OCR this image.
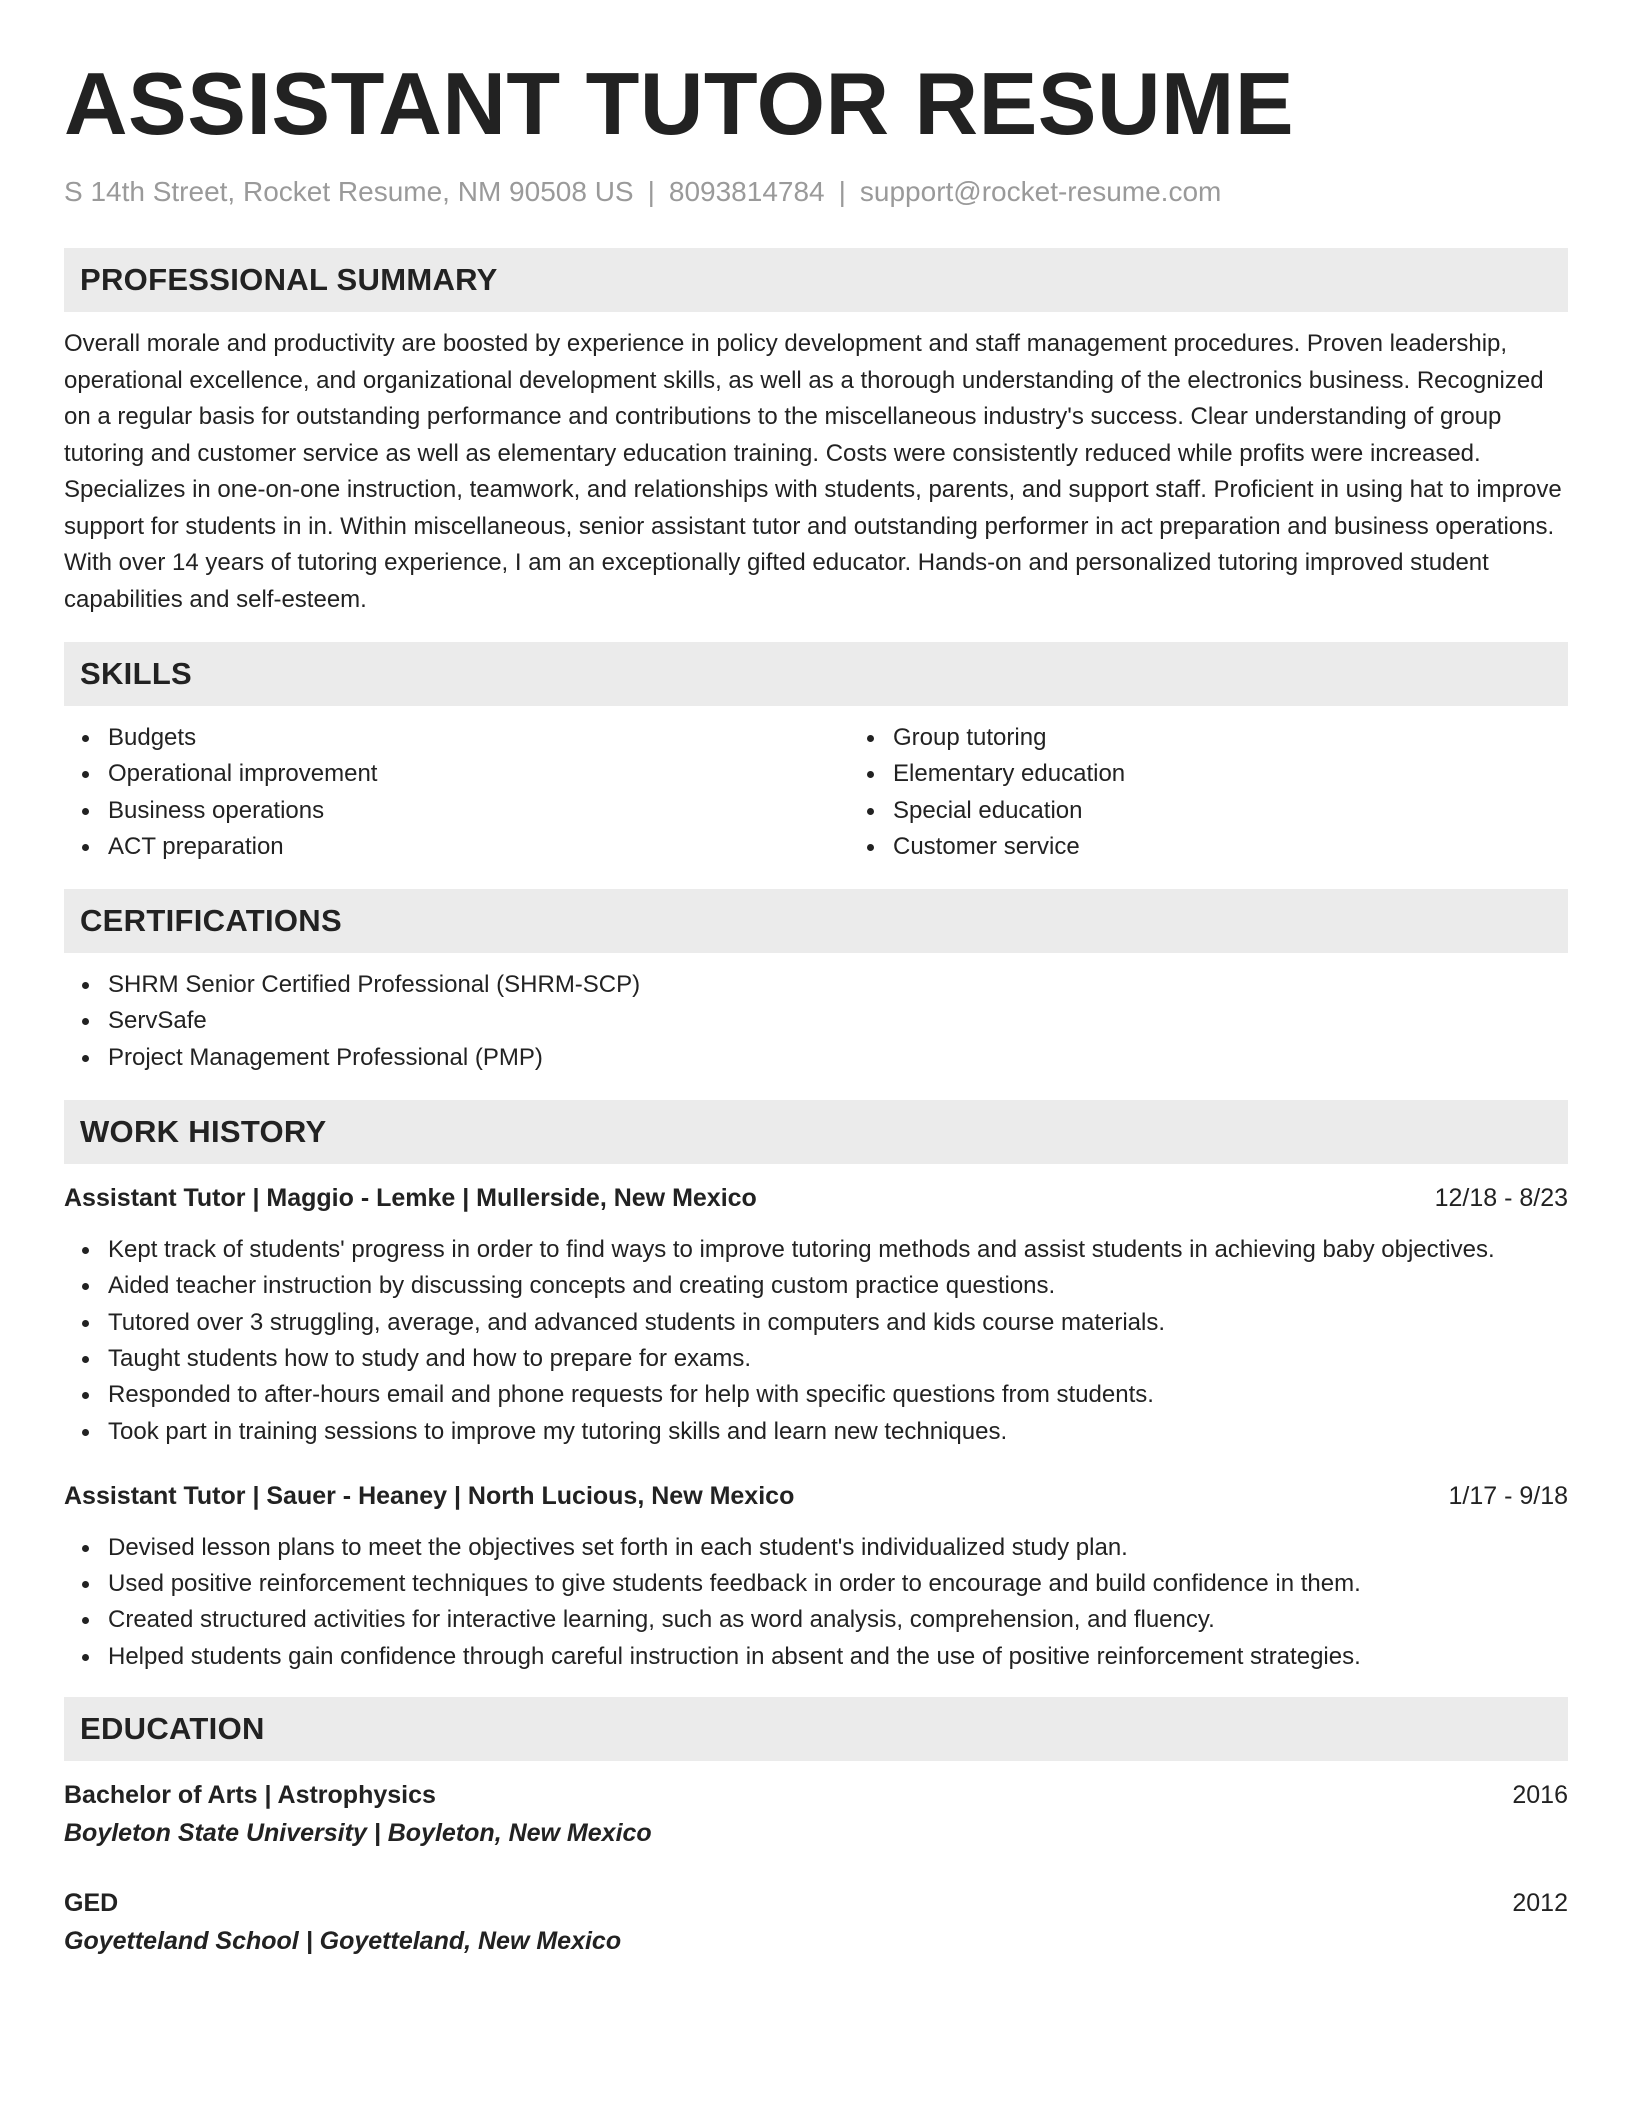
ASSISTANT TUTOR RESUME
S 14th Street, Rocket Resume, NM 90508 US | 8093814784 | support@rocket-resume.com
PROFESSIONAL SUMMARY

Overall morale and productivity are boosted by experience in policy development and staff management procedures. Proven leadership, operational excellence, and organizational development skills, as well as a thorough understanding of the electronics business. Recognized on a regular basis for outstanding performance and contributions to the miscellaneous industry's success. Clear understanding of group tutoring and customer service as well as elementary education training. Costs were consistently reduced while profits were increased. Specializes in one-on-one instruction, teamwork, and relationships with students, parents, and support staff. Proficient in using hat to improve support for students in in. Within miscellaneous, senior assistant tutor and outstanding performer in act preparation and business operations. With over 14 years of tutoring experience, I am an exceptionally gifted educator. Hands-on and personalized tutoring improved student capabilities and self-esteem.

SKILLS
Budgets
Operational improvement
Business operations
ACT preparation
Group tutoring
Elementary education
Special education
Customer service
CERTIFICATIONS
SHRM Senior Certified Professional (SHRM-SCP)
ServSafe
Project Management Professional (PMP)
WORK HISTORY
Assistant Tutor | Maggio - Lemke | Mullerside, New Mexico	12/18 - 8/23
Kept track of students' progress in order to find ways to improve tutoring methods and assist students in achieving baby objectives.
Aided teacher instruction by discussing concepts and creating custom practice questions.
Tutored over 3 struggling, average, and advanced students in computers and kids course materials.
Taught students how to study and how to prepare for exams.
Responded to after-hours email and phone requests for help with specific questions from students.
Took part in training sessions to improve my tutoring skills and learn new techniques.
Assistant Tutor | Sauer - Heaney | North Lucious, New Mexico	1/17 - 9/18
Devised lesson plans to meet the objectives set forth in each student's individualized study plan.
Used positive reinforcement techniques to give students feedback in order to encourage and build confidence in them.
Created structured activities for interactive learning, such as word analysis, comprehension, and fluency.
Helped students gain confidence through careful instruction in absent and the use of positive reinforcement strategies.
EDUCATION
Bachelor of Arts | Astrophysics	2016
Boyleton State University | Boyleton, New Mexico
GED	2012
Goyetteland School | Goyetteland, New Mexico
